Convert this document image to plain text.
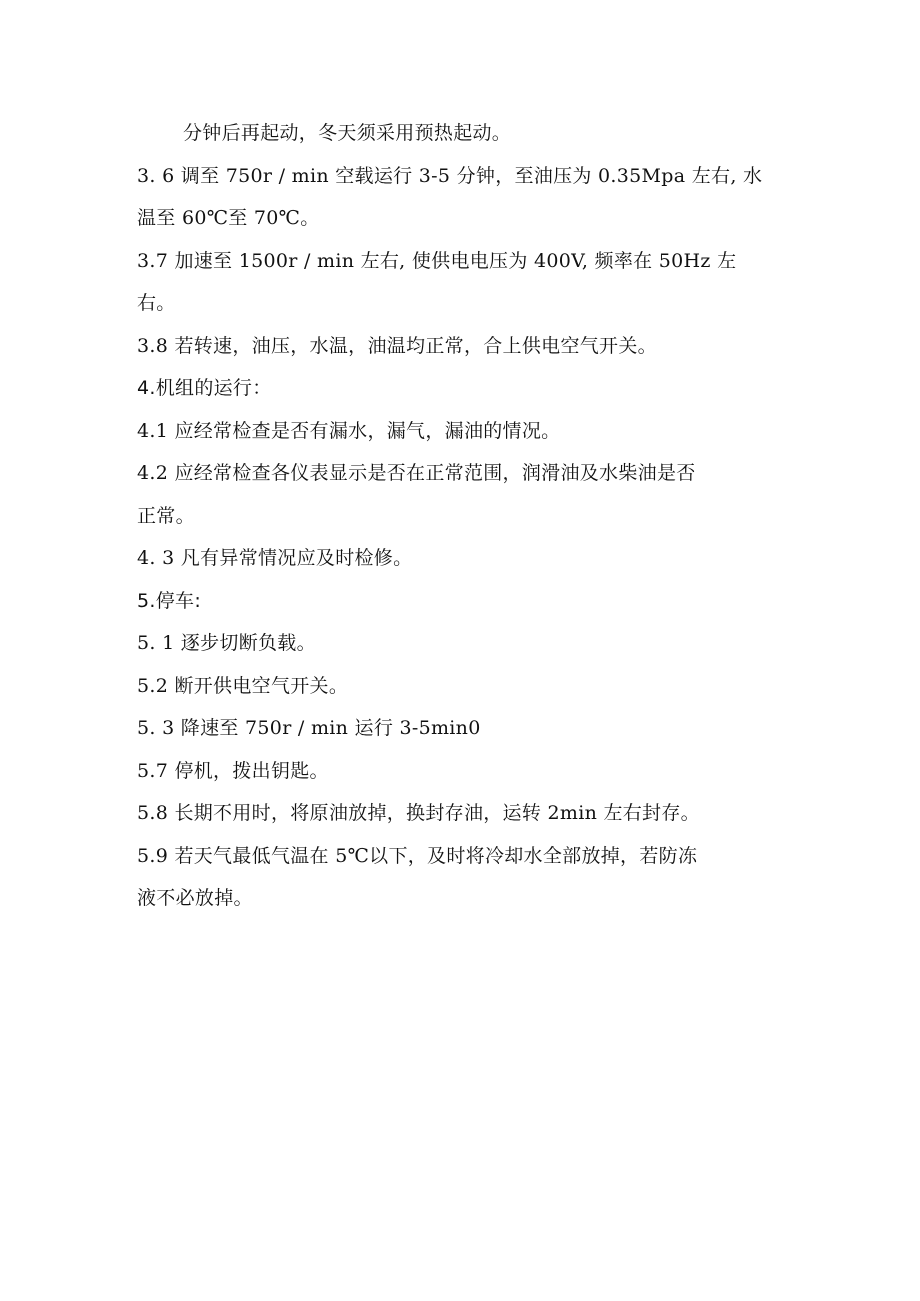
分钟后再起动，冬天须采用预热起动。
3. 6 调至 750r / min 空载运行 3-5 分钟，至油压为 0.35Mpa 左右, 水
温至 60℃至 70℃。
3.7 加速至 1500r / min 左右, 使供电电压为 400V, 频率在 50Hz 左
右。
3.8 若转速，油压，水温，油温均正常，合上供电空气开关。
4.机组的运行：
4.1 应经常检查是否有漏水，漏气，漏油的情况。
4.2 应经常检查各仪表显示是否在正常范围，润滑油及水柴油是否
正常。
4. 3 凡有异常情况应及时检修。
5.停车:
5. 1 逐步切断负载。
5.2 断开供电空气开关。
5. 3 降速至 750r / min 运行 3-5min0
5.7 停机，拨出钥匙。
5.8 长期不用时，将原油放掉，换封存油，运转 2min 左右封存。
5.9 若天气最低气温在 5℃以下，及时将冷却水全部放掉，若防冻
液不必放掉。
